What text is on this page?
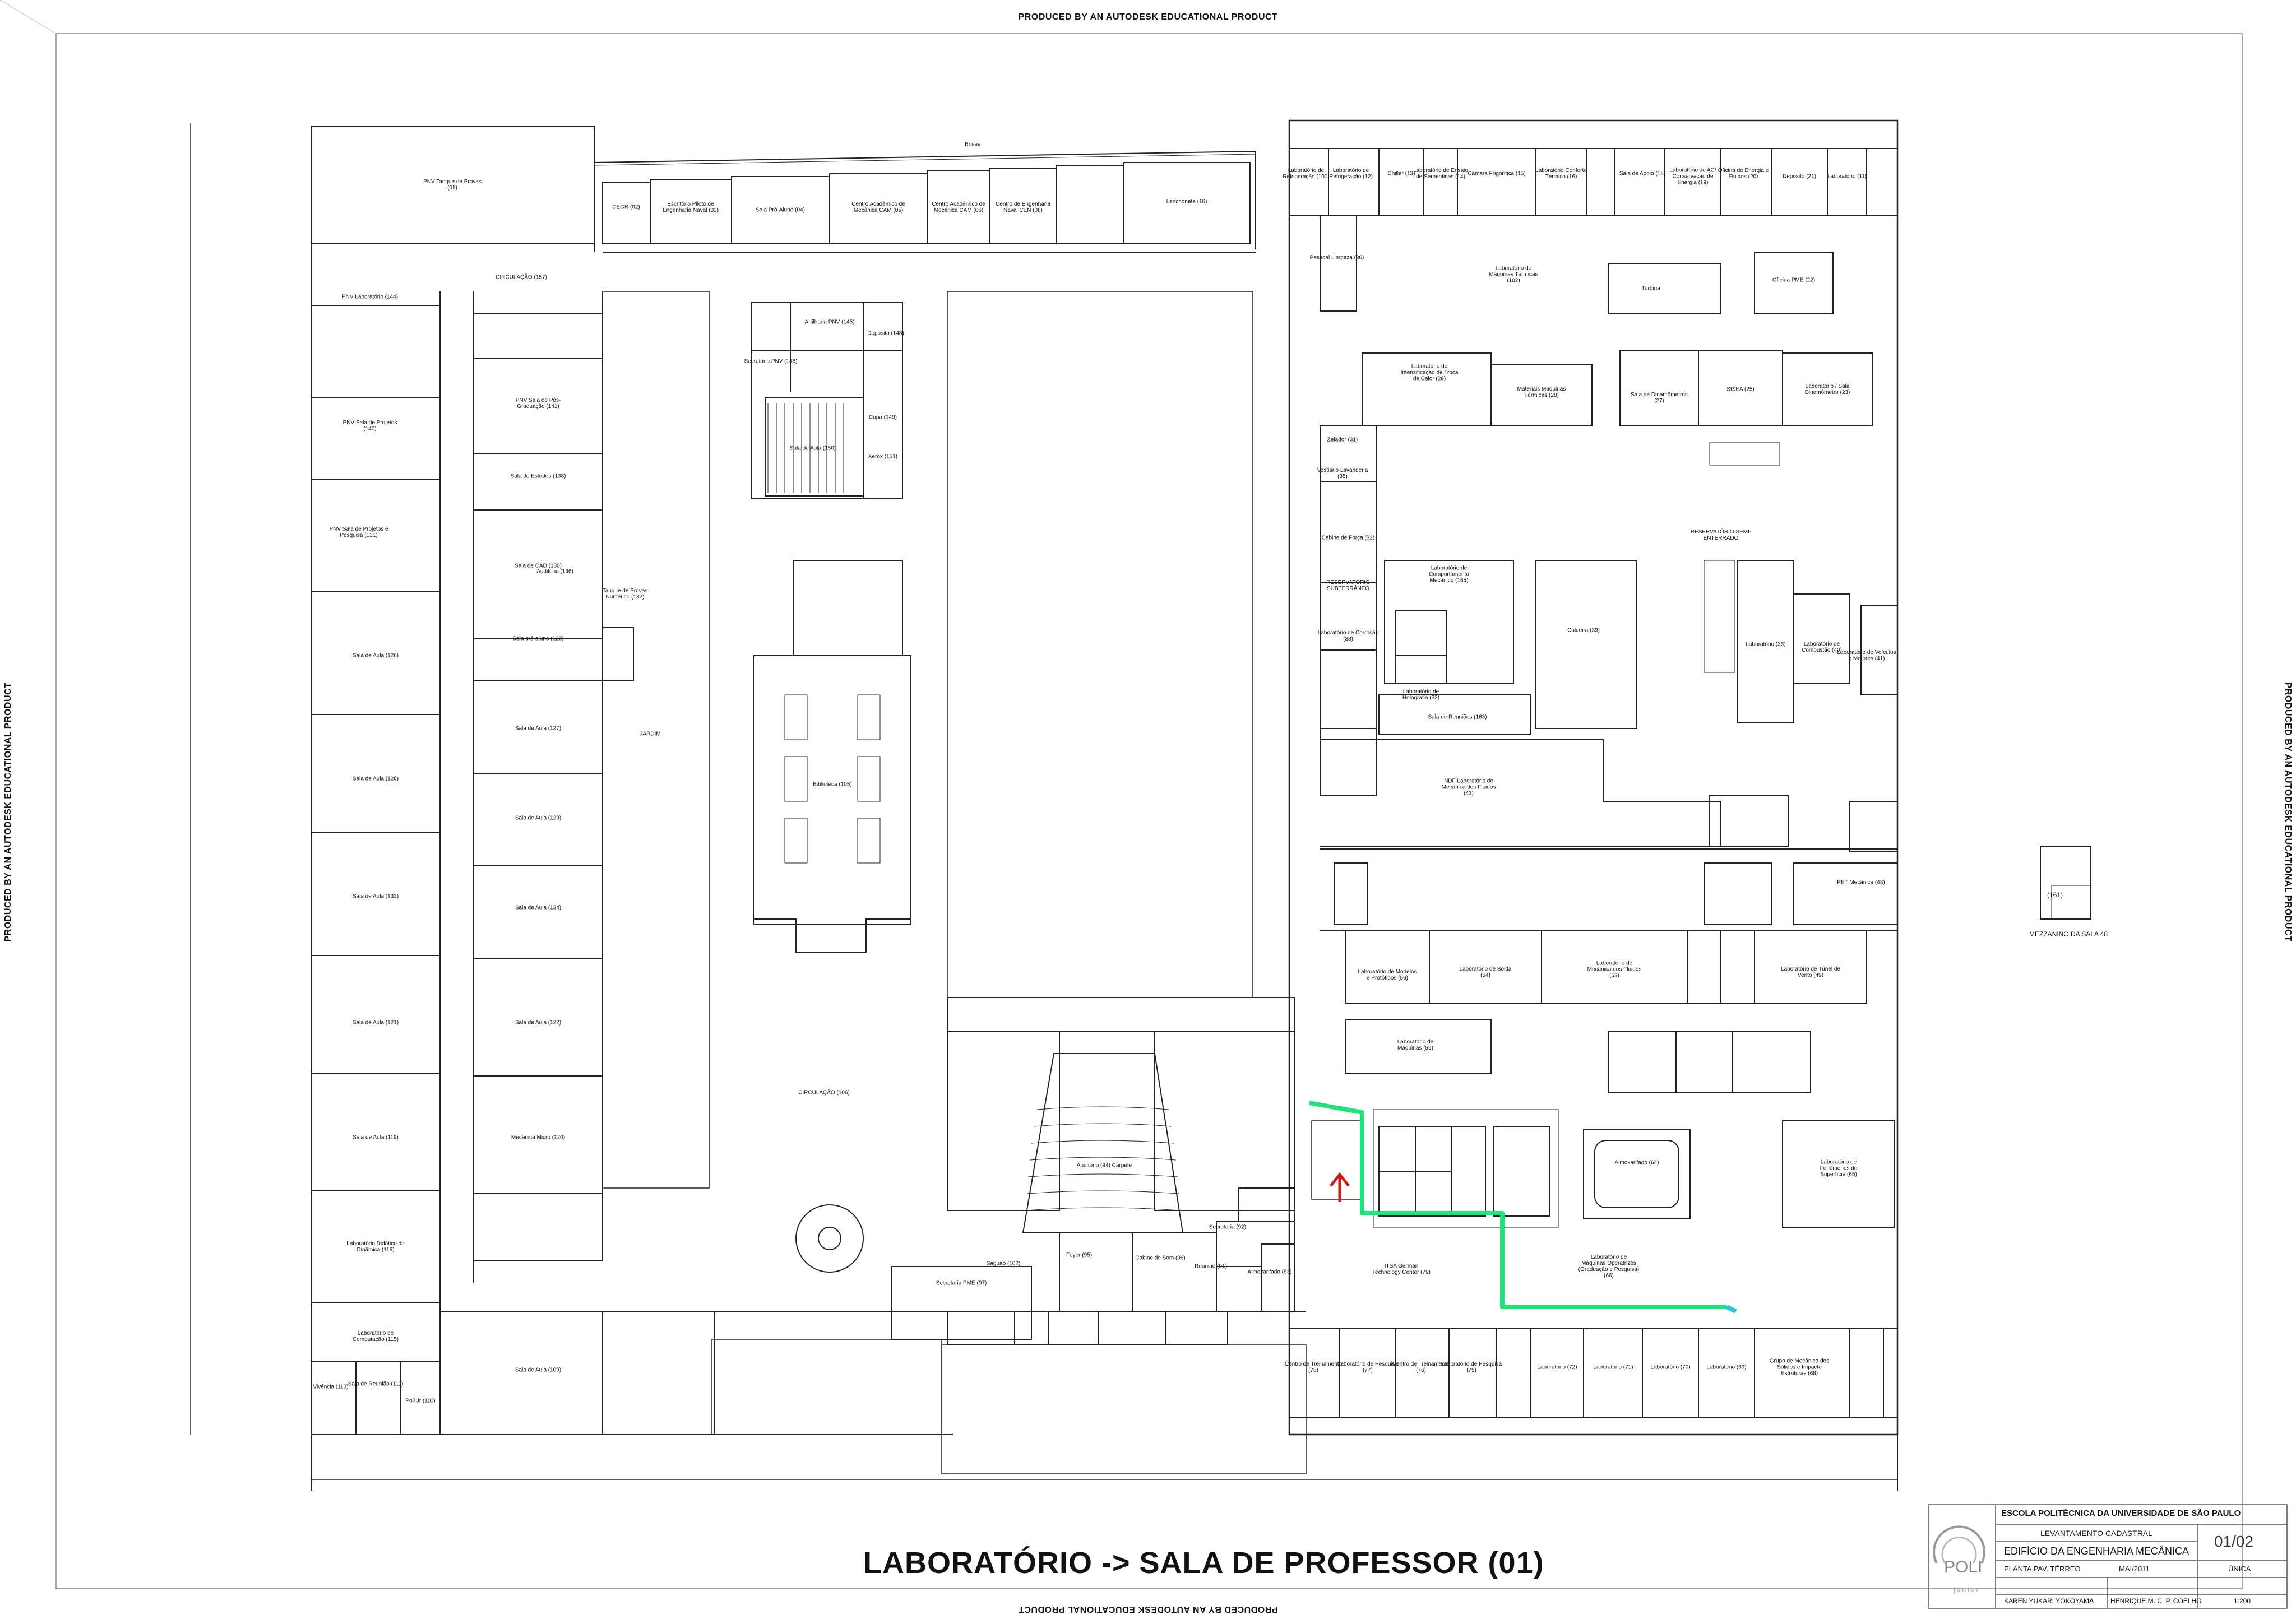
PRODUCED BY AN AUTODESK EDUCATIONAL PRODUCT
PRODUCED BY AN AUTODESK EDUCATIONAL PRODUCT
PRODUCED BY AN AUTODESK EDUCATIONAL PRODUCT	PRODUCED BY AN AUTODESK EDUCATIONAL PRODUCT
PNV Tanque de Provas (01)
Brises
CEGN (02)	Escritório Piloto de Engenharia Naval (03)	Sala Pró-Aluno (04)
Centro Acadêmico de Mecânica CAM (05)
Centro Acadêmico de Mecânica CAM (06)
Centro de Engenharia Naval CEN (08)
Lanchonete (10)
CIRCULAÇÃO (157)
PNV Laboratório (144)
PNV Sala de Projetos (140)
PNV Sala de Pós-Graduação (141)
Sala de Estudos (138)
PNV Sala de Projetos e Pesquisa (131)
Sala de CAD (130)
Auditório (136)
Tanque de Provas Numérico (132)
Sala pró-aluno (128)
Sala de Aula (126)
Sala de Aula (127)
Sala de Aula (128)
Sala de Aula (129)
Sala de Aula (133)
Sala de Aula (134)
Sala de Aula (121)	Sala de Aula (122)
Sala de Aula (119)	Mecânica Micro (120)
Laboratório Didático de Dinâmica (116)
Laboratório de Computação (115)
Sala de Aula (109)
Vivência (113) Sala de Reunião (111)
Poli Jr (110)
JARDIM
Artilharia PNV (145)
Depósito (148)
Secretaria PNV (148)
Sala de Aula (150)
Copa (149)
Xerox (151)
Biblioteca (105)
CIRCULAÇÃO (106)
Auditório (94) Carpete
Saguão (102)
Secretaria PME (97)
Foyer (95)	Cabine de Som (96)
Secretaria (92)
Reunião (91)
Almoxarifado (83)
ITSA German Technology Center (79)
Centro de Treinamento (78)
Laboratório de Pesquisa (77)
Centro de Treinamento (76)
Laboratório de Pesquisa (75)	Laboratório (72)	Laboratório (71)	Laboratório (70)	Laboratório (69)
Grupo de Mecânica dos Sólidos e Impacto Estruturas (68)
Laboratório de Máquinas Operatrizes (Graduação e Pesquisa) (66)
Almoxarifado (64)	Laboratório de Fenômenos de Superfície (65)
Laboratório de Máquinas (59)
Laboratório de Modelos e Protótipos (56)
Laboratório de Solda (54)
Laboratório de Mecânica dos Fluidos (53)
Laboratório de Túnel de Vento (49)
PET Mecânica (48)
NDF Laboratório de Mecânica dos Fluidos (43)
Laboratório de Corrosão (38)
Laboratório de Comportamento Mecânico (165)
Laboratório de Holografia (33)
Sala de Reuniões (163)
Caldeira (39)
Laboratório (36)	Laboratório de Combustão (40)
Laboratório de Veículos e Motores (41)
RESERVATÓRIO SEMI-ENTERRADO
RESERVATÓRIO SUBTERRÂNEO
Cabine de Força (32)
Laboratório de Máquinas Térmicas (102)
Turbina
Oficina PME (22)
Laboratório de Intensificação de Troca de Calor (29)
Materiais Máquinas Térmicas (28)	Sala de Dinamômetros (27)
SISEA (25)	Laboratório / Sala Dinamômetro (23)
Laboratório de Refrigeração (100)
Laboratório de Refrigeração (12)	Chiller (13)
Laboratório de Ensaio de Serpentinas (14) Câmara Frigorífica (15)	Laboratório Conforto Térmico (16)	Sala de Apoio (18)
Laboratório de AC/ Conservação de Energia (19)
Oficina de Energia e Fluidos (20)	Depósito (21) Laboratório (11)
Pessoal Limpeza (30)
Zelador (31)
Vestiário Lavanderia (35)
LABORATÓRIO -> SALA DE PROFESSOR (01)
(161)
MEZZANINO DA SALA 48
ESCOLA POLITÉCNICA DA UNIVERSIDADE DE SÃO PAULO
LEVANTAMENTO CADASTRAL
EDIFÍCIO DA ENGENHARIA MECÂNICA
PLANTA PAV. TÉRREO	MAI/2011	ÚNICA
KAREN YUKARI YOKOYAMA HENRIQUE M. C. P. COELHO	1:200
01/02
POLI
júnior
